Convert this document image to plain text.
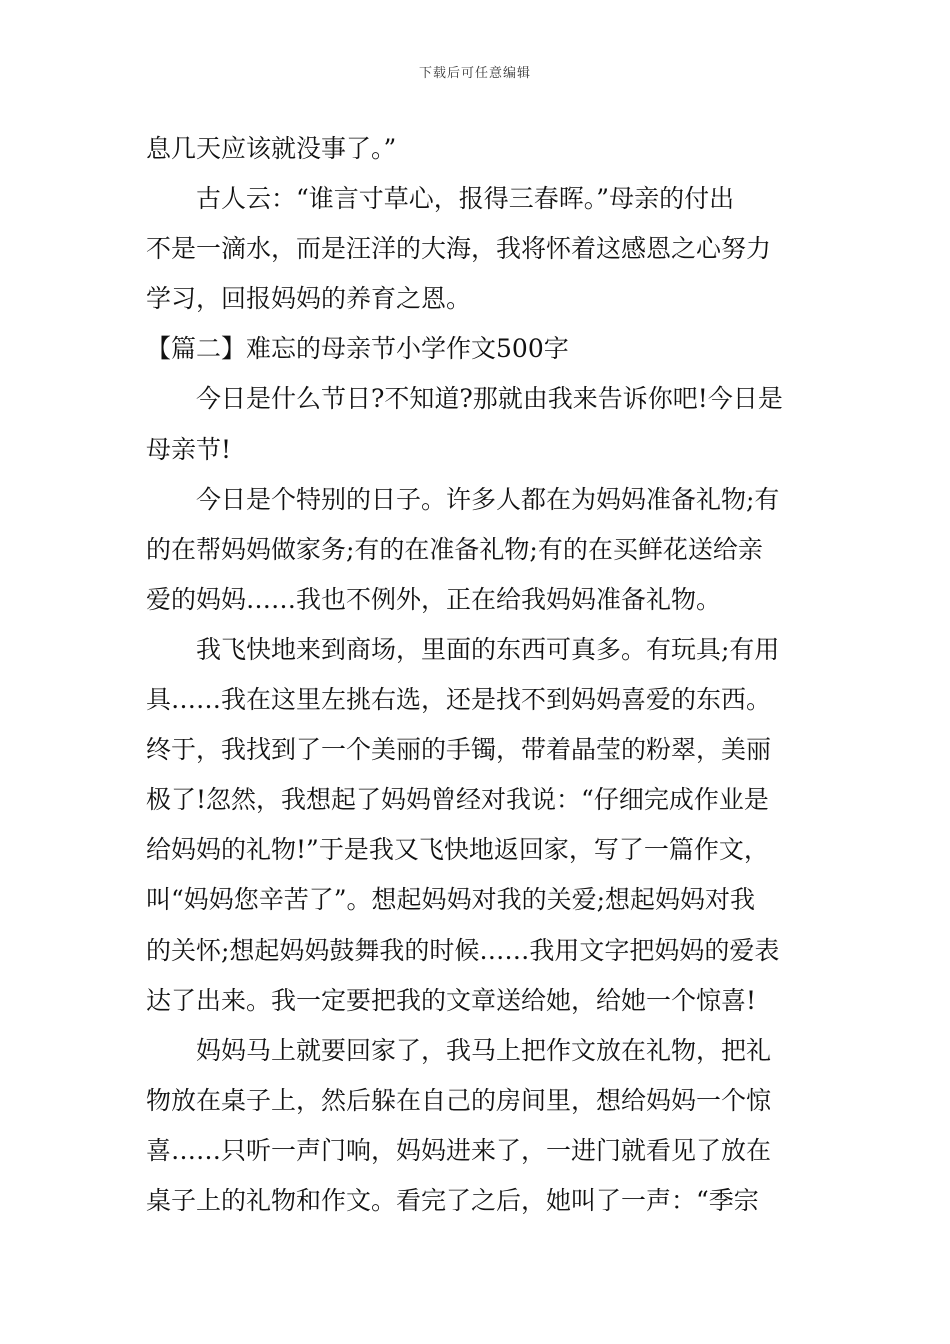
下载后可任意编辑
息几天应该就没事了。”
古人云：“谁言寸草心，报得三春晖。”母亲的付出
不是一滴水，而是汪洋的大海，我将怀着这感恩之心努力
学习，回报妈妈的养育之恩。
【篇二】难忘的母亲节小学作文500字
今日是什么节日?不知道?那就由我来告诉你吧!今日是
母亲节!
今日是个特别的日子。许多人都在为妈妈准备礼物;有
的在帮妈妈做家务;有的在准备礼物;有的在买鲜花送给亲
爱的妈妈……我也不例外，正在给我妈妈准备礼物。
我飞快地来到商场，里面的东西可真多。有玩具;有用
具……我在这里左挑右选，还是找不到妈妈喜爱的东西。
终于，我找到了一个美丽的手镯，带着晶莹的粉翠，美丽
极了!忽然，我想起了妈妈曾经对我说：“仔细完成作业是
给妈妈的礼物!”于是我又飞快地返回家，写了一篇作文，
叫“妈妈您辛苦了”。想起妈妈对我的关爱;想起妈妈对我
的关怀;想起妈妈鼓舞我的时候……我用文字把妈妈的爱表
达了出来。我一定要把我的文章送给她，给她一个惊喜!
妈妈马上就要回家了，我马上把作文放在礼物，把礼
物放在桌子上，然后躲在自己的房间里，想给妈妈一个惊
喜……只听一声门响，妈妈进来了，一进门就看见了放在
桌子上的礼物和作文。看完了之后，她叫了一声：“季宗
